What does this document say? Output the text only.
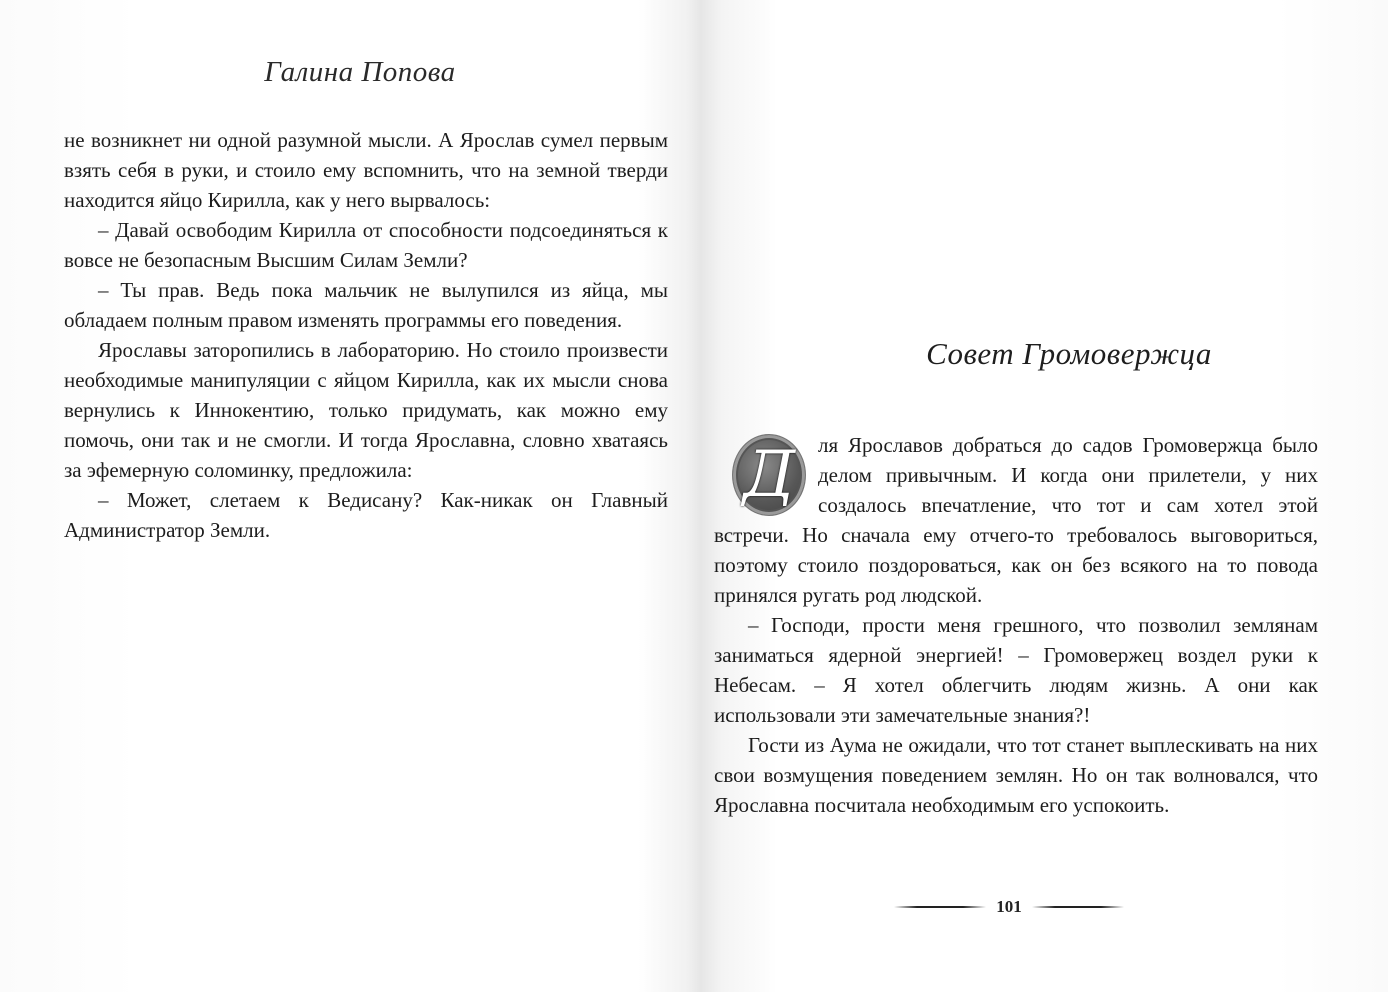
Галина Попова

не возникнет ни одной разумной мысли. А Ярослав сумел первым взять себя в руки, и стоило ему вспомнить, что на земной тверди находится яйцо Кирилла, как у него вырвалось:

– Давай освободим Кирилла от способности подсоединяться к вовсе не безопасным Высшим Силам Земли?

– Ты прав. Ведь пока мальчик не вылупился из яйца, мы обладаем полным правом изменять программы его поведения.

Ярославы заторопились в лабораторию. Но стоило произвести необходимые манипуляции с яйцом Кирилла, как их мысли снова вернулись к Иннокентию, только придумать, как можно ему помочь, они так и не смогли. И тогда Ярославна, словно хватаясь за эфемерную соломинку, предложила:

– Может, слетаем к Ведисану? Как-никак он Главный Администратор Земли.

Совет Громовержца

Д	ля Ярославов добраться до садов Громовержца было делом привычным. И когда они прилетели, у них создалось впечатление, что тот и сам хотел этой встречи. Но сначала ему отчего-то требовалось выговориться, поэтому стоило поздороваться, как он без всякого на то повода принялся ругать род людской.

– Господи, прости меня грешного, что позволил землянам заниматься ядерной энергией! – Громовержец воздел руки к Небесам. – Я хотел облегчить людям жизнь. А они как использовали эти замечательные знания?!

Гости из Аума не ожидали, что тот станет выплескивать на них свои возмущения поведением землян. Но он так волновался, что Ярославна посчитала необходимым его успокоить.

101
